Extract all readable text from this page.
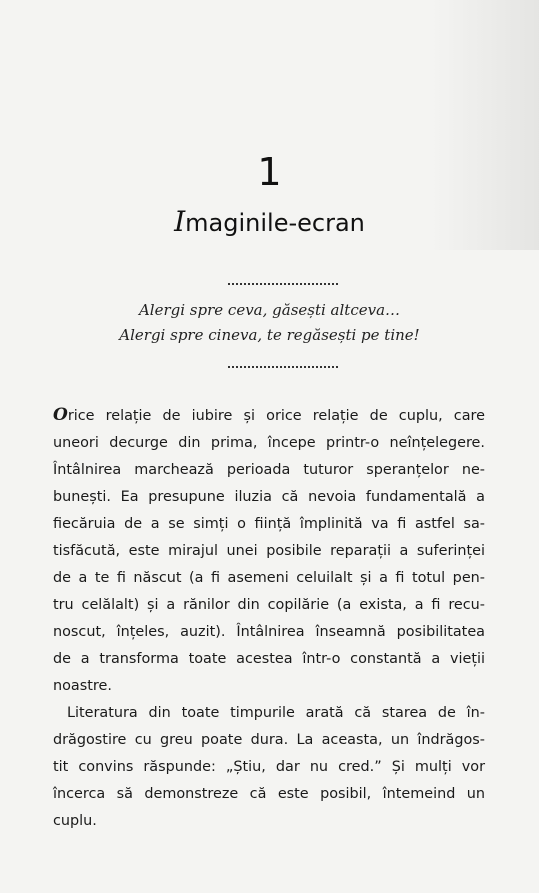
1
Imaginile-ecran

Alergi spre ceva, găsești altceva…

Alergi spre cineva, te regăsești pe tine!

Orice relație de iubire și orice relație de cuplu, care
uneori decurge din prima, începe printr-o neînțelegere.
Întâlnirea marchează perioada tuturor speranțelor ne-
bunești. Ea presupune iluzia că nevoia fundamentală a
fiecăruia de a se simți o ființă împlinită va fi astfel sa-
tisfăcută, este mirajul unei posibile reparații a suferinței
de a te fi născut (a fi asemeni celuilalt și a fi totul pen-
tru celălalt) și a rănilor din copilărie (a exista, a fi recu-
noscut, înțeles, auzit). Întâlnirea înseamnă posibilitatea
de a transforma toate acestea într-o constantă a vieții
noastre.
Literatura din toate timpurile arată că starea de în-
drăgostire cu greu poate dura. La aceasta, un îndrăgos-
tit convins răspunde: „Știu, dar nu cred.” Și mulți vor
încerca să demonstreze că este posibil, întemeind un
cuplu.
